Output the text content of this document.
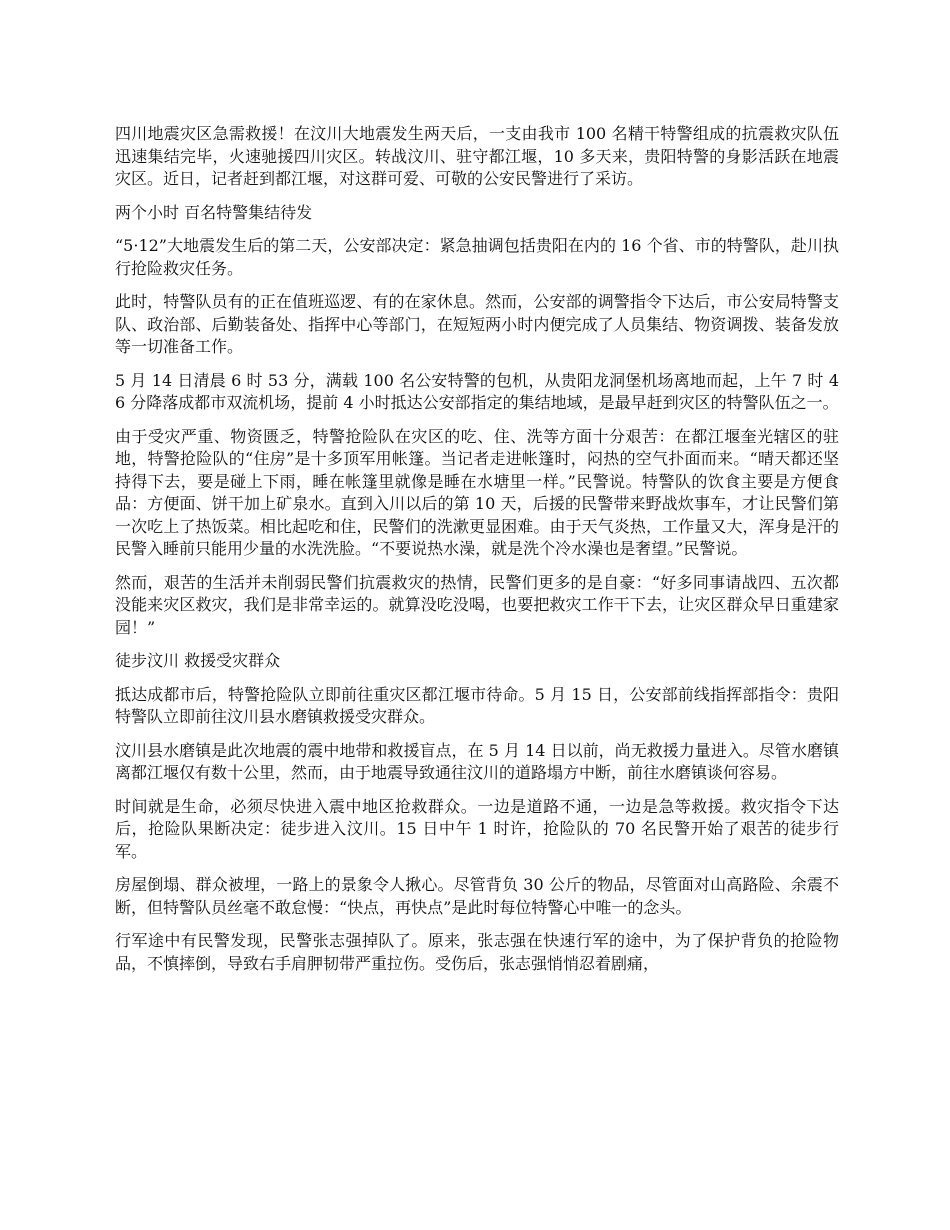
四川地震灾区急需救援！在汶川大地震发生两天后，一支由我市 100 名精干特警组成的抗震救灾队伍迅速集结完毕，火速驰援四川灾区。转战汶川、驻守都江堰，10 多天来，贵阳特警的身影活跃在地震灾区。近日，记者赶到都江堰，对这群可爱、可敬的公安民警进行了采访。

两个小时 百名特警集结待发

“5·12”大地震发生后的第二天，公安部决定：紧急抽调包括贵阳在内的 16 个省、市的特警队，赴川执行抢险救灾任务。

此时，特警队员有的正在值班巡逻、有的在家休息。然而，公安部的调警指令下达后，市公安局特警支队、政治部、后勤装备处、指挥中心等部门，在短短两小时内便完成了人员集结、物资调拨、装备发放等一切准备工作。

5 月 14 日清晨 6 时 53 分，满载 100 名公安特警的包机，从贵阳龙洞堡机场离地而起，上午 7 时 46 分降落成都市双流机场，提前 4 小时抵达公安部指定的集结地域，是最早赶到灾区的特警队伍之一。

由于受灾严重、物资匮乏，特警抢险队在灾区的吃、住、洗等方面十分艰苦：在都江堰奎光辖区的驻地，特警抢险队的“住房”是十多顶军用帐篷。当记者走进帐篷时，闷热的空气扑面而来。“晴天都还坚持得下去，要是碰上下雨，睡在帐篷里就像是睡在水塘里一样。”民警说。特警队的饮食主要是方便食品：方便面、饼干加上矿泉水。直到入川以后的第 10 天，后援的民警带来野战炊事车，才让民警们第一次吃上了热饭菜。相比起吃和住，民警们的洗漱更显困难。由于天气炎热，工作量又大，浑身是汗的民警入睡前只能用少量的水洗洗脸。“不要说热水澡，就是洗个冷水澡也是奢望。”民警说。

然而，艰苦的生活并未削弱民警们抗震救灾的热情，民警们更多的是自豪：“好多同事请战四、五次都没能来灾区救灾，我们是非常幸运的。就算没吃没喝，也要把救灾工作干下去，让灾区群众早日重建家园！”

徒步汶川 救援受灾群众

抵达成都市后，特警抢险队立即前往重灾区都江堰市待命。5 月 15 日，公安部前线指挥部指令：贵阳特警队立即前往汶川县水磨镇救援受灾群众。

汶川县水磨镇是此次地震的震中地带和救援盲点，在 5 月 14 日以前，尚无救援力量进入。尽管水磨镇离都江堰仅有数十公里，然而，由于地震导致通往汶川的道路塌方中断，前往水磨镇谈何容易。

时间就是生命，必须尽快进入震中地区抢救群众。一边是道路不通，一边是急等救援。救灾指令下达后，抢险队果断决定：徒步进入汶川。15 日中午 1 时许，抢险队的 70 名民警开始了艰苦的徒步行军。

房屋倒塌、群众被埋，一路上的景象令人揪心。尽管背负 30 公斤的物品，尽管面对山高路险、余震不断，但特警队员丝毫不敢怠慢：“快点，再快点”是此时每位特警心中唯一的念头。

行军途中有民警发现，民警张志强掉队了。原来，张志强在快速行军的途中，为了保护背负的抢险物品，不慎摔倒，导致右手肩胛韧带严重拉伤。受伤后，张志强悄悄忍着剧痛，
